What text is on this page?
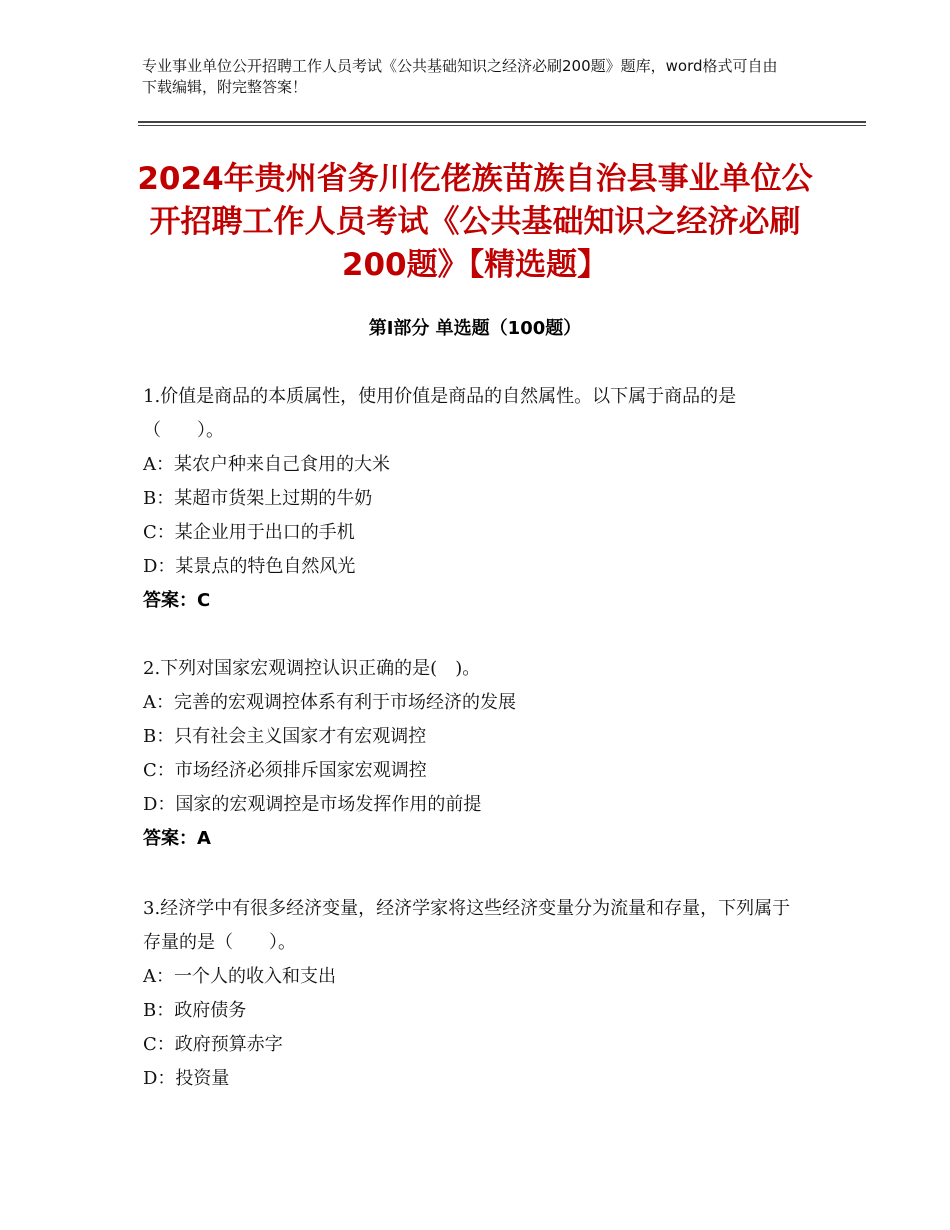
专业事业单位公开招聘工作人员考试《公共基础知识之经济必刷200题》题库，word格式可自由下载编辑，附完整答案！
2024年贵州省务川仡佬族苗族自治县事业单位公开招聘工作人员考试《公共基础知识之经济必刷200题》【精选题】
第Ⅰ部分 单选题（100题）

1.价值是商品的本质属性，使用价值是商品的自然属性。以下属于商品的是（　　）。

A：某农户种来自己食用的大米

B：某超市货架上过期的牛奶

C：某企业用于出口的手机

D：某景点的特色自然风光

答案：C

2.下列对国家宏观调控认识正确的是(　)。

A：完善的宏观调控体系有利于市场经济的发展

B：只有社会主义国家才有宏观调控

C：市场经济必须排斥国家宏观调控

D：国家的宏观调控是市场发挥作用的前提

答案：A

3.经济学中有很多经济变量，经济学家将这些经济变量分为流量和存量，下列属于存量的是（　　）。

A：一个人的收入和支出

B：政府债务

C：政府预算赤字

D：投资量
